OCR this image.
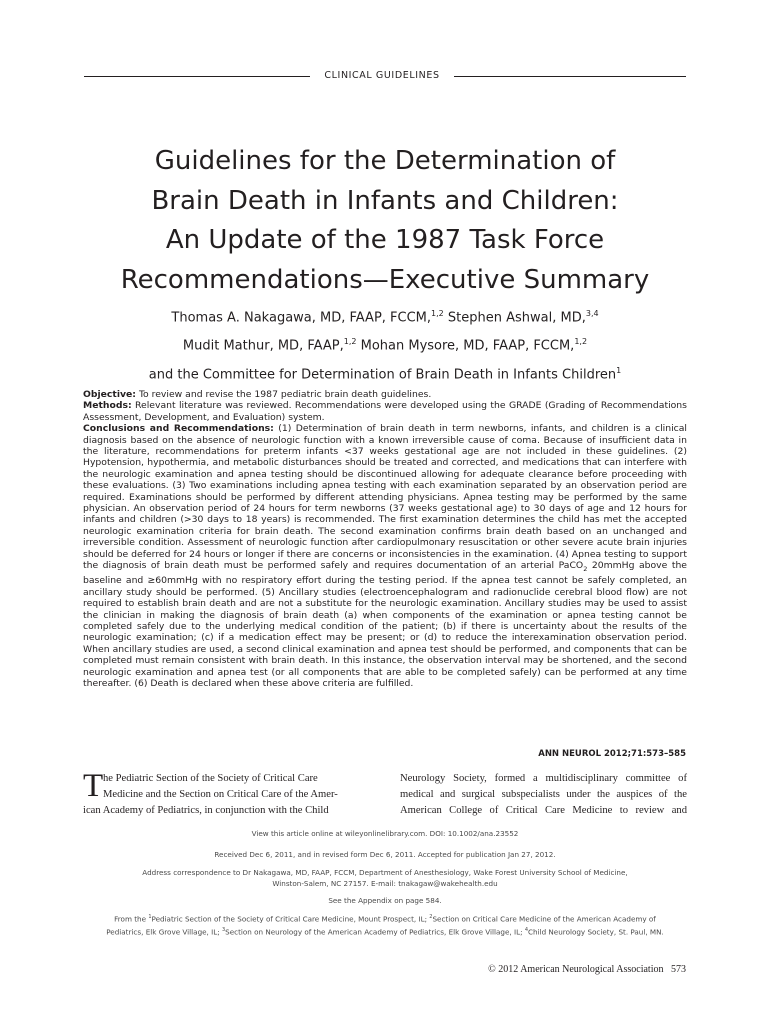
CLINICAL GUIDELINES
Guidelines for the Determination of
Brain Death in Infants and Children:
An Update of the 1987 Task Force
Recommendations—Executive Summary
Thomas A. Nakagawa, MD, FAAP, FCCM,$^{1,2}$ Stephen Ashwal, MD,$^{3,4}$
Mudit Mathur, MD, FAAP,$^{1,2}$ Mohan Mysore, MD, FAAP, FCCM,$^{1,2}$
and the Committee for Determination of Brain Death in Infants Children$^1$

Objective: To review and revise the 1987 pediatric brain death guidelines.

Methods: Relevant literature was reviewed. Recommendations were developed using the GRADE (Grading of Recommendations Assessment, Development, and Evaluation) system.

Conclusions and Recommendations: (1) Determination of brain death in term newborns, infants, and children is a clinical diagnosis based on the absence of neurologic function with a known irreversible cause of coma. Because of insufficient data in the literature, recommendations for preterm infants <37 weeks gestational age are not included in these guidelines. (2) Hypotension, hypothermia, and metabolic disturbances should be treated and corrected, and medications that can interfere with the neurologic examination and apnea testing should be discontinued allowing for adequate clearance before proceeding with these evaluations. (3) Two examinations including apnea testing with each examination separated by an observation period are required. Examinations should be performed by different attending physicians. Apnea testing may be performed by the same physician. An observation period of 24 hours for term newborns (37 weeks gestational age) to 30 days of age and 12 hours for infants and children (>30 days to 18 years) is recommended. The first examination determines the child has met the accepted neurologic examination criteria for brain death. The second examination confirms brain death based on an unchanged and irreversible condition. Assessment of neurologic function after cardiopulmonary resuscitation or other severe acute brain injuries should be deferred for 24 hours or longer if there are concerns or inconsistencies in the examination. (4) Apnea testing to support the diagnosis of brain death must be performed safely and requires documentation of an arterial PaCO$_2$ 20mmHg above the baseline and ≥60mmHg with no respiratory effort during the testing period. If the apnea test cannot be safely completed, an ancillary study should be performed. (5) Ancillary studies (electroencephalogram and radionuclide cerebral blood flow) are not required to establish brain death and are not a substitute for the neurologic examination. Ancillary studies may be used to assist the clinician in making the diagnosis of brain death (a) when components of the examination or apnea testing cannot be completed safely due to the underlying medical condition of the patient; (b) if there is uncertainty about the results of the neurologic examination; (c) if a medication effect may be present; or (d) to reduce the interexamination observation period. When ancillary studies are used, a second clinical examination and apnea test should be performed, and components that can be completed must remain consistent with brain death. In this instance, the observation interval may be shortened, and the second neurologic examination and apnea test (or all components that are able to be completed safely) can be performed at any time thereafter. (6) Death is declared when these above criteria are fulfilled.

ANN NEUROL 2012;71:573–585
T he Pediatric Section of the Society of Critical Care
Medicine and the Section on Critical Care of the Amer-
ican Academy of Pediatrics, in conjunction with the Child
Neurology Society, formed a multidisciplinary committee of
medical and surgical subspecialists under the auspices of the
American College of Critical Care Medicine to review and
View this article online at wileyonlinelibrary.com. DOI: 10.1002/ana.23552
Received Dec 6, 2011, and in revised form Dec 6, 2011. Accepted for publication Jan 27, 2012.
Address correspondence to Dr Nakagawa, MD, FAAP, FCCM, Department of Anesthesiology, Wake Forest University School of Medicine,
Winston-Salem, NC 27157. E-mail: tnakagaw@wakehealth.edu
See the Appendix on page 584.
From the $^1$Pediatric Section of the Society of Critical Care Medicine, Mount Prospect, IL; $^2$Section on Critical Care Medicine of the American Academy of
Pediatrics, Elk Grove Village, IL; $^3$Section on Neurology of the American Academy of Pediatrics, Elk Grove Village, IL; $^4$Child Neurology Society, St. Paul, MN.
© 2012 American Neurological Association 573
